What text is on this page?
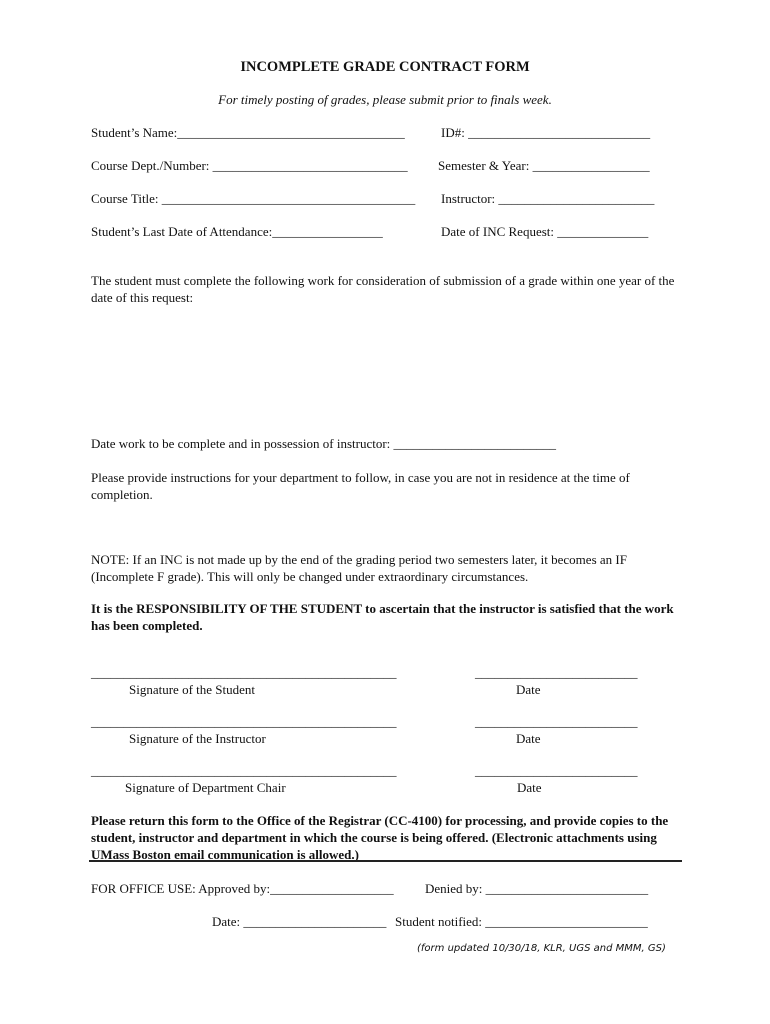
INCOMPLETE GRADE CONTRACT FORM
For timely posting of grades, please submit prior to finals week.
Student’s Name:___________________________________	ID#: ____________________________
Course Dept./Number: ______________________________ Semester & Year: __________________
Course Title: _______________________________________ Instructor: ________________________
Student’s Last Date of Attendance:_________________	Date of INC Request: ______________
The student must complete the following work for consideration of submission of a grade within one year of the date of this request:
Date work to be complete and in possession of instructor: _________________________
Please provide instructions for your department to follow, in case you are not in residence at the time of completion.
NOTE: If an INC is not made up by the end of the grading period two semesters later, it becomes an IF (Incomplete F grade). This will only be changed under extraordinary circumstances.
It is the RESPONSIBILITY OF THE STUDENT to ascertain that the instructor is satisfied that the work has been completed.
_______________________________________________	_________________________
Signature of the Student	Date
_______________________________________________	_________________________
Signature of the Instructor	Date
_______________________________________________	_________________________
Signature of Department Chair	Date
Please return this form to the Office of the Registrar (CC-4100) for processing, and provide copies to the student, instructor and department in which the course is being offered. (Electronic attachments using UMass Boston email communication is allowed.)
FOR OFFICE USE: Approved by:___________________ Denied by: _________________________
Date: ______________________ Student notified: _________________________
(form updated 10/30/18, KLR, UGS and MMM, GS)
